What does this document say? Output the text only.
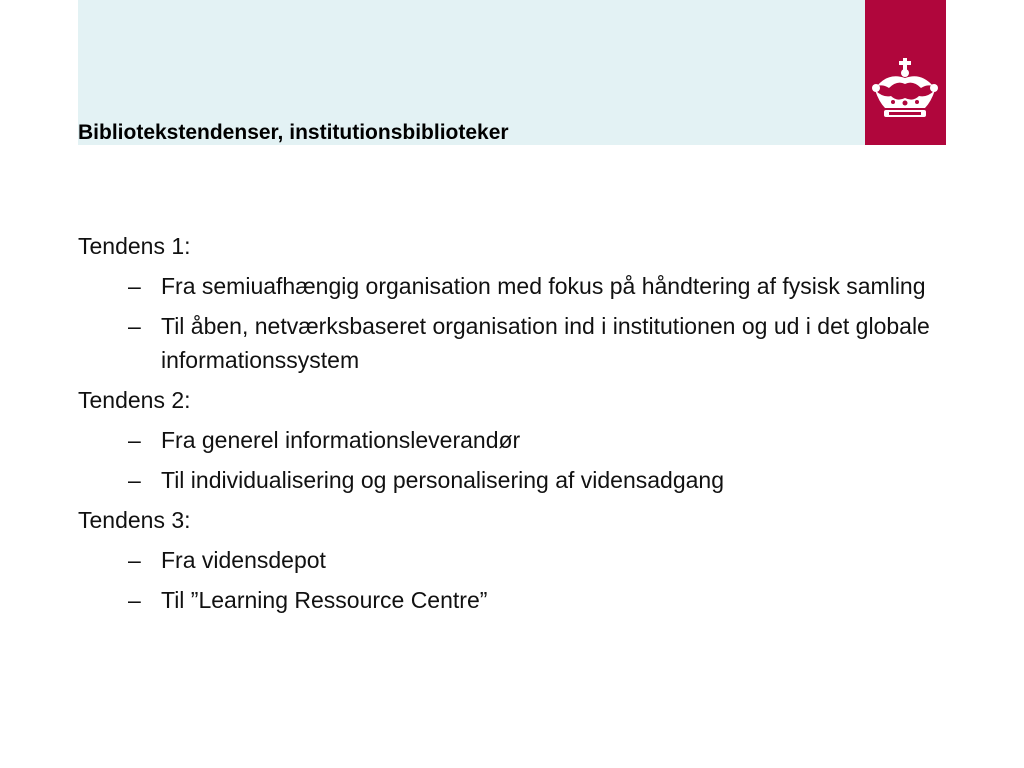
Bibliotekstendenser, institutionsbiblioteker
Tendens 1:
– Fra semiuafhængig organisation med fokus på håndtering af fysisk samling
– Til åben, netværksbaseret organisation ind i institutionen og ud i det globale informationssystem
Tendens 2:
– Fra generel informationsleverandør
– Til individualisering og personalisering af vidensadgang
Tendens 3:
– Fra vidensdepot
– Til ”Learning Ressource Centre”
